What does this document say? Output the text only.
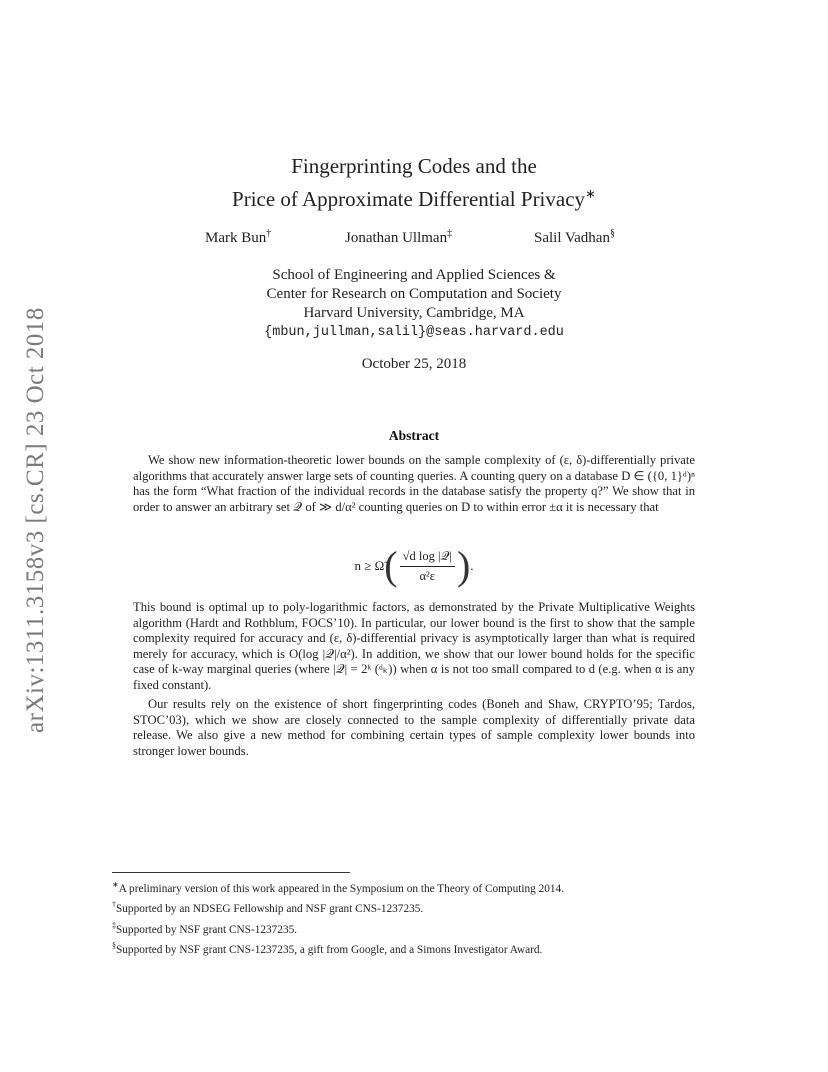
arXiv:1311.3158v3 [cs.CR] 23 Oct 2018
Fingerprinting Codes and the
Price of Approximate Differential Privacy∗
Mark Bun†	Jonathan Ullman‡	Salil Vadhan§
School of Engineering and Applied Sciences &
Center for Research on Computation and Society
Harvard University, Cambridge, MA
{mbun,jullman,salil}@seas.harvard.edu
October 25, 2018
Abstract
We show new information-theoretic lower bounds on the sample complexity of (ε, δ)-differentially private algorithms that accurately answer large sets of counting queries. A counting query on a database D ∈ ({0, 1}ᵈ)ⁿ has the form “What fraction of the individual records in the database satisfy the property q?” We show that in order to answer an arbitrary set 𝒬 of ≫ d/α² counting queries on D to within error ±α it is necessary that
n ≥ Ω̃ ( $\frac{\text{√d log |𝒬|}}{\text{α²ε}}$ ) .
This bound is optimal up to poly-logarithmic factors, as demonstrated by the Private Multiplicative Weights algorithm (Hardt and Rothblum, FOCS’10). In particular, our lower bound is the first to show that the sample complexity required for accuracy and (ε, δ)-differential privacy is asymptotically larger than what is required merely for accuracy, which is O(log |𝒬|/α²). In addition, we show that our lower bound holds for the specific case of k-way marginal queries (where |𝒬| = 2ᵏ (ᵈₖ)) when α is not too small compared to d (e.g. when α is any fixed constant).
Our results rely on the existence of short fingerprinting codes (Boneh and Shaw, CRYPTO’95; Tardos, STOC’03), which we show are closely connected to the sample complexity of differentially private data release. We also give a new method for combining certain types of sample complexity lower bounds into stronger lower bounds.
∗A preliminary version of this work appeared in the Symposium on the Theory of Computing 2014.
†Supported by an NDSEG Fellowship and NSF grant CNS-1237235.
‡Supported by NSF grant CNS-1237235.
§Supported by NSF grant CNS-1237235, a gift from Google, and a Simons Investigator Award.
